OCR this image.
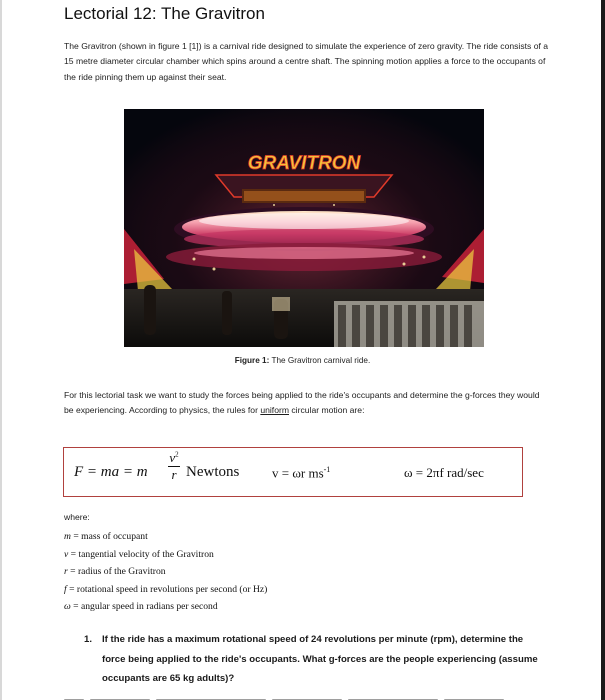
Lectorial 12: The Gravitron

The Gravitron (shown in figure 1 [1]) is a carnival ride designed to simulate the experience of zero gravity. The ride consists of a 15 metre diameter circular chamber which spins around a centre shaft. The spinning motion applies a force to the occupants of the ride pinning them up against their seat.

GRAVITRON
Figure 1: The Gravitron carnival ride.

For this lectorial task we want to study the forces being applied to the ride's occupants and determine the g-forces they would be experiencing. According to physics, the rules for uniform circular motion are:

F = ma = m
$v^2$
r Newtons	v = ωr $ms^{-1}$	ω = 2πf rad/sec
where:
m = mass of occupant
v = tangential velocity of the Gravitron
r = radius of the Gravitron
f = rotational speed in revolutions per second (or Hz)
ω = angular speed in radians per second
1. If the ride has a maximum rotational speed of 24 revolutions per minute (rpm), determine the force being applied to the ride's occupants. What g-forces are the people experiencing (assume occupants are 65 kg adults)?
